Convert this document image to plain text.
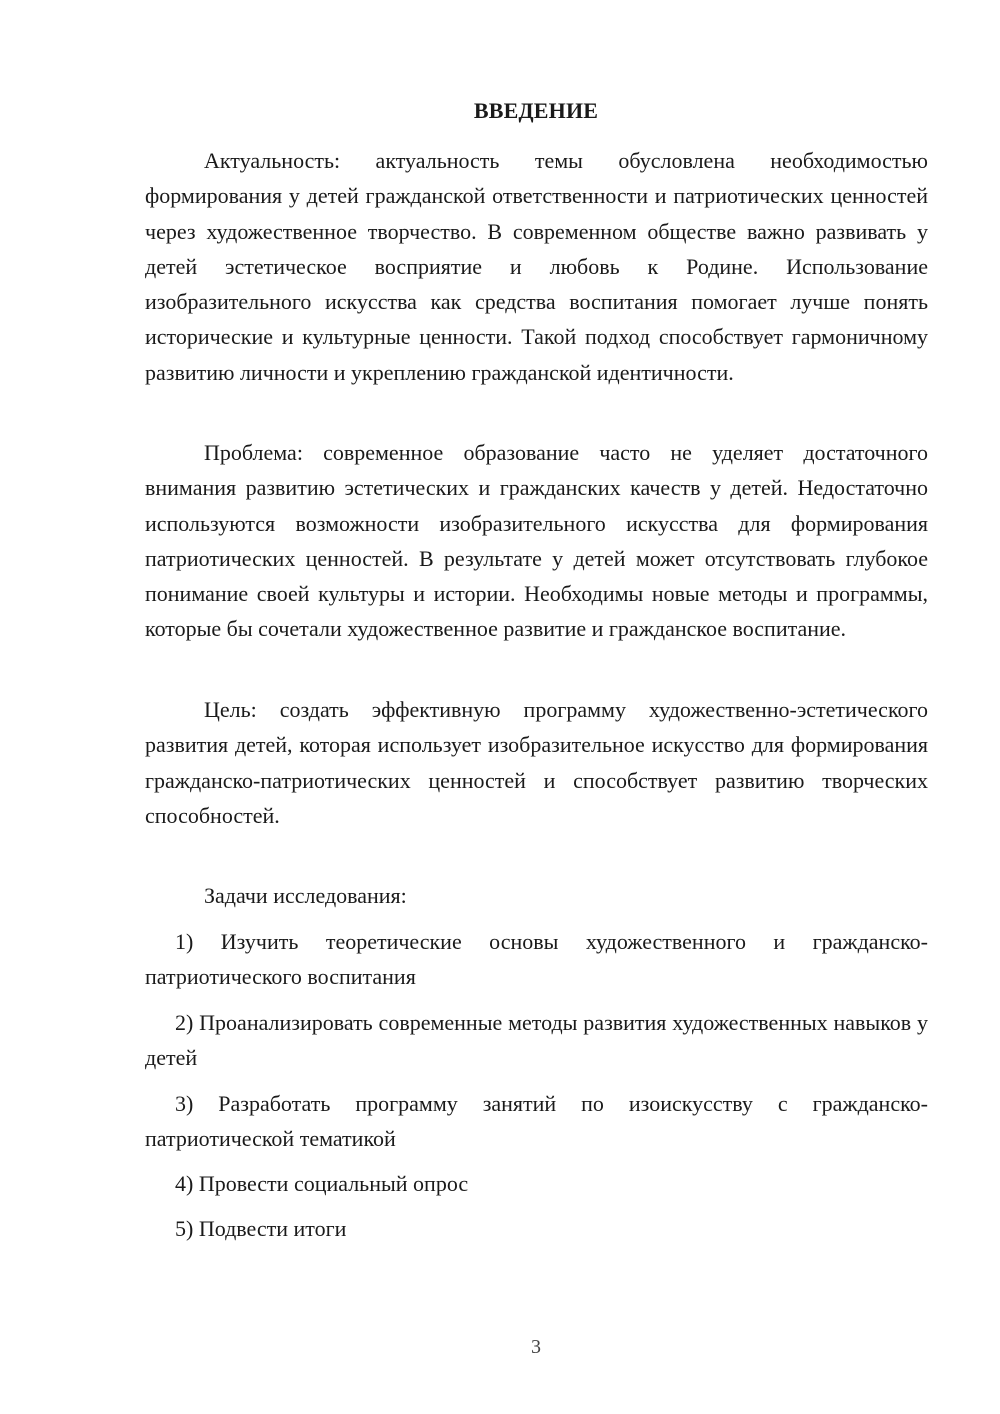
ВВЕДЕНИЕ

Актуальность: актуальность темы обусловлена необходимостью формирования у детей гражданской ответственности и патриотических ценностей через художественное творчество. В современном обществе важно развивать у детей эстетическое восприятие и любовь к Родине. Использование изобразительного искусства как средства воспитания помогает лучше понять исторические и культурные ценности. Такой подход способствует гармоничному развитию личности и укреплению гражданской идентичности.

Проблема: современное образование часто не уделяет достаточного внимания развитию эстетических и гражданских качеств у детей. Недостаточно используются возможности изобразительного искусства для формирования патриотических ценностей. В результате у детей может отсутствовать глубокое понимание своей культуры и истории. Необходимы новые методы и программы, которые бы сочетали художественное развитие и гражданское воспитание.

Цель: создать эффективную программу художественно-эстетического развития детей, которая использует изобразительное искусство для формирования гражданско-патриотических ценностей и способствует развитию творческих способностей.

Задачи исследования:

1) Изучить теоретические основы художественного и гражданско-патриотического воспитания

2) Проанализировать современные методы развития художественных навыков у детей

3) Разработать программу занятий по изоискусству с гражданско-патриотической тематикой

4) Провести социальный опрос

5) Подвести итоги

3
